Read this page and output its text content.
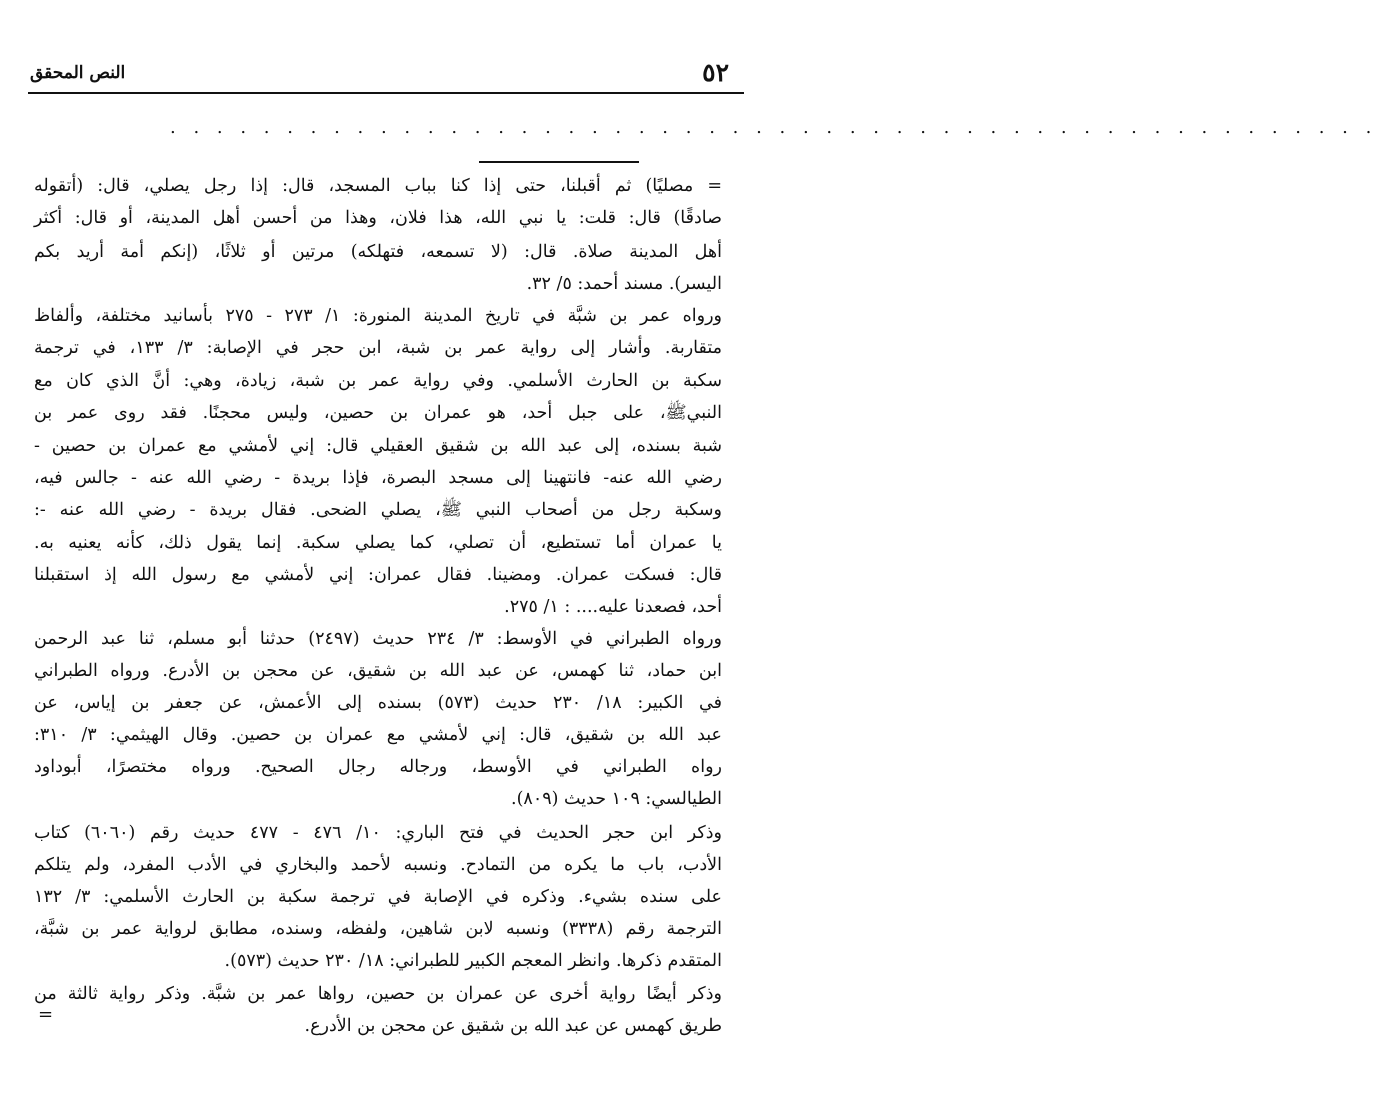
٥٢
النص المحقق
. . . . . . . . . . . . . . . . . . . . . . . . . . . . . . . . . . . . . . . . . . . . . . . . . . . .
= مصليًا) ثم أقبلنا، حتى إذا كنا بباب المسجد، قال: إذا رجل يصلي، قال: (أتقوله
صادقًا) قال: قلت: يا نبي الله، هذا فلان، وهذا من أحسن أهل المدينة، أو قال: أكثر
أهل المدينة صلاة. قال: (لا تسمعه، فتهلكه) مرتين أو ثلاثًا، (إنكم أمة أريد بكم
اليسر). مسند أحمد: ٥/ ٣٢.
ورواه عمر بن شبَّة في تاريخ المدينة المنورة: ١/ ٢٧٣ - ٢٧٥ بأسانيد مختلفة، وألفاظ
متقاربة. وأشار إلى رواية عمر بن شبة، ابن حجر في الإصابة: ٣/ ١٣٣، في ترجمة
سكبة بن الحارث الأسلمي. وفي رواية عمر بن شبة، زيادة، وهي: أنَّ الذي كان مع
النبيﷺ، على جبل أحد، هو عمران بن حصين، وليس محجنًا. فقد روى عمر بن
شبة بسنده، إلى عبد الله بن شقيق العقيلي قال: إني لأمشي مع عمران بن حصين -
رضي الله عنه- فانتهينا إلى مسجد البصرة، فإذا بريدة - رضي الله عنه - جالس فيه،
وسكبة رجل من أصحاب النبي ﷺ، يصلي الضحى. فقال بريدة - رضي الله عنه -:
يا عمران أما تستطيع، أن تصلي، كما يصلي سكبة. إنما يقول ذلك، كأنه يعنيه به.
قال: فسكت عمران. ومضينا. فقال عمران: إني لأمشي مع رسول الله إذ استقبلنا
أحد، فصعدنا عليه.... : ١/ ٢٧٥.
ورواه الطبراني في الأوسط: ٣/ ٢٣٤ حديث (٢٤٩٧) حدثنا أبو مسلم، ثنا عبد الرحمن
ابن حماد، ثنا كهمس، عن عبد الله بن شقيق، عن محجن بن الأدرع. ورواه الطبراني
في الكبير: ١٨/ ٢٣٠ حديث (٥٧٣) بسنده إلى الأعمش، عن جعفر بن إياس، عن
عبد الله بن شقيق، قال: إني لأمشي مع عمران بن حصين. وقال الهيثمي: ٣/ ٣١٠:
رواه الطبراني في الأوسط، ورجاله رجال الصحيح. ورواه مختصرًا، أبوداود
الطيالسي: ١٠٩ حديث (٨٠٩).
وذكر ابن حجر الحديث في فتح الباري: ١٠/ ٤٧٦ - ٤٧٧ حديث رقم (٦٠٦٠) كتاب
الأدب، باب ما يكره من التمادح. ونسبه لأحمد والبخاري في الأدب المفرد، ولم يتلكم
على سنده بشيء. وذكره في الإصابة في ترجمة سكبة بن الحارث الأسلمي: ٣/ ١٣٢
الترجمة رقم (٣٣٣٨) ونسبه لابن شاهين، ولفظه، وسنده، مطابق لرواية عمر بن شبَّة،
المتقدم ذكرها. وانظر المعجم الكبير للطبراني: ١٨/ ٢٣٠ حديث (٥٧٣).
وذكر أيضًا رواية أخرى عن عمران بن حصين، رواها عمر بن شبَّة. وذكر رواية ثالثة من
طريق كهمس عن عبد الله بن شقيق عن محجن بن الأدرع.
=
